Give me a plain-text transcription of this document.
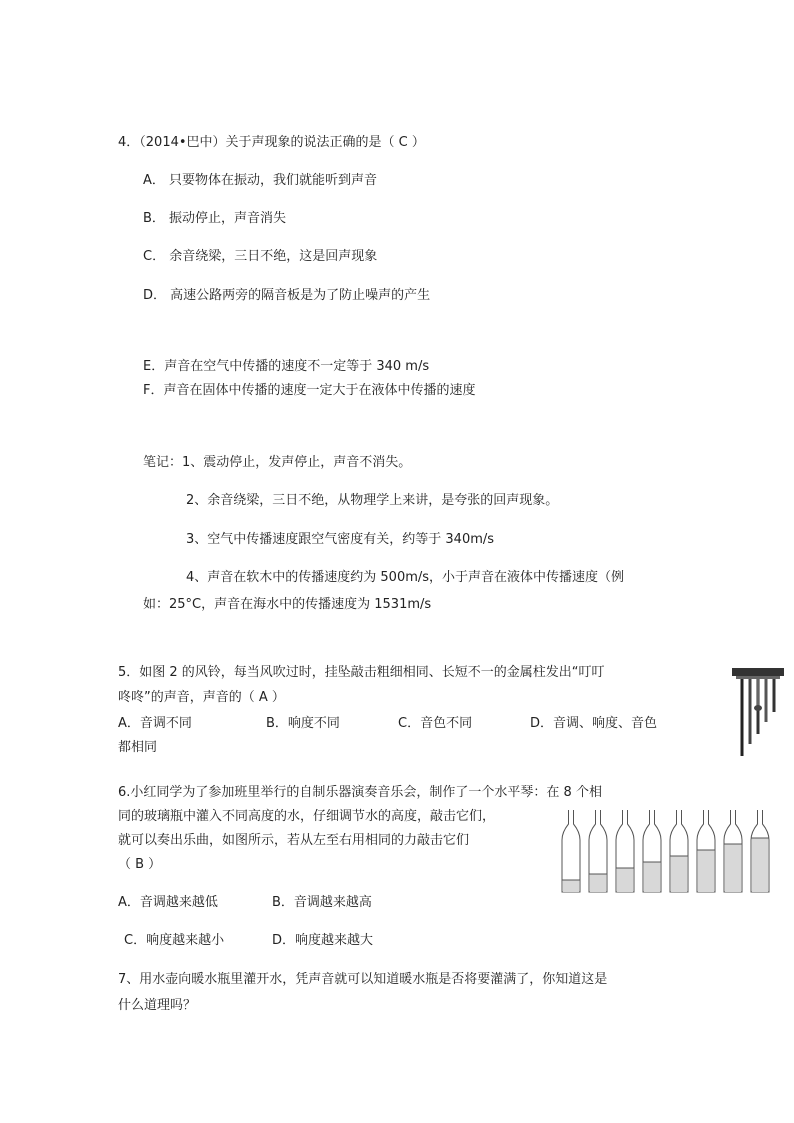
4．（2014•巴中）关于声现象的说法正确的是（ C ）
A． 只要物体在振动，我们就能听到声音
B． 振动停止，声音消失
C． 余音绕梁，三日不绝，这是回声现象
D． 高速公路两旁的隔音板是为了防止噪声的产生
E．声音在空气中传播的速度不一定等于 340 m/s
F．声音在固体中传播的速度一定大于在液体中传播的速度
笔记：1、震动停止，发声停止，声音不消失。
2、余音绕梁，三日不绝，从物理学上来讲，是夸张的回声现象。
3、空气中传播速度跟空气密度有关，约等于 340m/s
4、声音在软木中的传播速度约为 500m/s，小于声音在液体中传播速度（例
如：25°C，声音在海水中的传播速度为 1531m/s
5．如图 2 的风铃，每当风吹过时，挂坠敲击粗细相同、长短不一的金属柱发出“叮叮
咚咚”的声音，声音的（ A ）
A．音调不同	B．响度不同	C．音色不同	D．音调、响度、音色
都相同
6.小红同学为了参加班里举行的自制乐器演奏音乐会，制作了一个水平琴：在 8 个相
同的玻璃瓶中灌入不同高度的水，仔细调节水的高度，敲击它们，
就可以奏出乐曲，如图所示，若从左至右用相同的力敲击它们
（ B ）
A．音调越来越低	B．音调越来越高
C．响度越来越小	D．响度越来越大
7、用水壶向暖水瓶里灌开水，凭声音就可以知道暖水瓶是否将要灌满了，你知道这是
什么道理吗？
